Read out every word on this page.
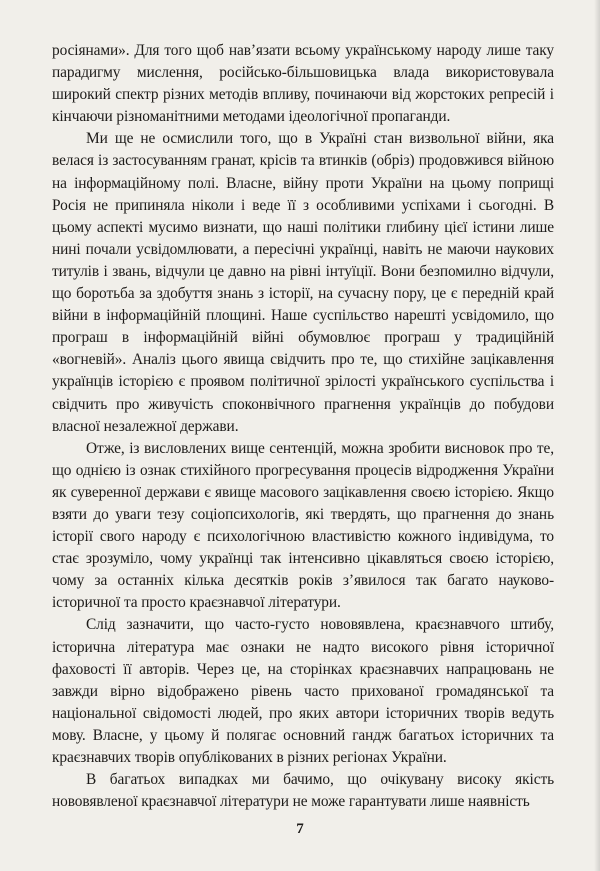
росіянами». Для того щоб нав’язати всьому українському народу лише таку парадигму мислення, російсько-більшовицька влада використовувала широкий спектр різних методів впливу, починаючи від жорстоких репресій і кінчаючи різноманітними методами ідеологічної пропаганди.

Ми ще не осмислили того, що в Україні стан визвольної війни, яка велася із застосуванням гранат, крісів та втинків (обріз) продовжився війною на інформаційному полі. Власне, війну проти України на цьому поприщі Росія не припиняла ніколи і веде її з особливими успіхами і сьогодні. В цьому аспекті мусимо визнати, що наші політики глибину цієї істини лише нині почали усвідомлювати, а пересічні українці, навіть не маючи наукових титулів і звань, відчули це давно на рівні інтуїції. Вони безпомилно відчули, що боротьба за здобуття знань з історії, на сучасну пору, це є передній край війни в інформаційній площині. Наше суспільство нарешті усвідомило, що програш в інформаційній війні обумовлює програш у традиційній «вогневій». Аналіз цього явища свідчить про те, що стихійне зацікавлення українців історією є проявом політичної зрілості українського суспільства і свідчить про живучість споконвічного прагнення українців до побудови власної незалежної держави.

Отже, із висловлених вище сентенцій, можна зробити висновок про те, що однією із ознак стихійного прогресування процесів відродження України як суверенної держави є явище масового зацікавлення своєю історією. Якщо взяти до уваги тезу соціопсихологів, які твердять, що прагнення до знань історії свого народу є психологічною властивістю кожного індивідума, то стає зрозуміло, чому українці так інтенсивно цікавляться своєю історією, чому за останніх кілька десятків років з’явилося так багато науково-історичної та просто краєзнавчої літератури.

Слід зазначити, що часто-густо нововявлена, краєзнавчого штибу, історична література має ознаки не надто високого рівня історичної фаховості її авторів. Через це, на сторінках краєзнавчих напрацювань не завжди вірно відображено рівень часто прихованої громадянської та національної свідомості людей, про яких автори історичних творів ведуть мову. Власне, у цьому й полягає основний гандж багатьох історичних та краєзнавчих творів опублікованих в різних регіонах України.

В багатьох випадках ми бачимо, що очікувану високу якість нововявленої краєзнавчої літератури не може гарантувати лише наявність

7
